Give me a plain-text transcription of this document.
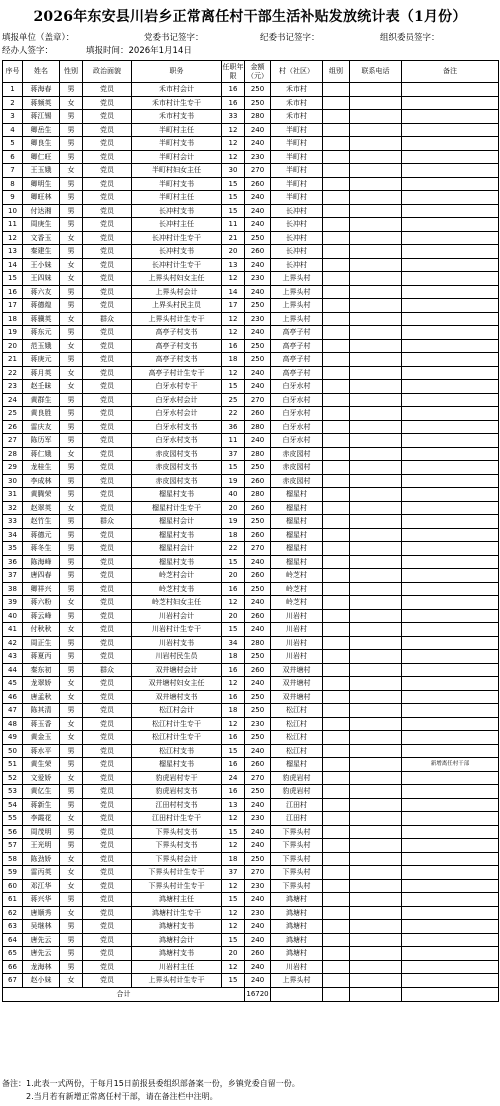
2026年东安县川岩乡正常离任村干部生活补贴发放统计表（1月份）
填报单位（盖章）：	党委书记签字：	纪委书记签字：	组织委员签字：
经办人签字：	填报时间：2026年1月14日
序号	姓名	性别	政治面貌	职务	任职年限	金额（元）	村（社区）	组别	联系电话	备注
1	蒋海春	男	党员	禾市村会计	16	250	禾市村			
2	蒋频英	女	党员	禾市村计生专干	16	250	禾市村			
3	蒋江锡	男	党员	禾市村支书	33	280	禾市村			
4	卿岳生	男	党员	半町村主任	12	240	半町村			
5	卿良生	男	党员	半町村支书	12	240	半町村			
6	卿仁旺	男	党员	半町村会计	12	230	半町村			
7	王玉娥	女	党员	半町村妇女主任	30	270	半町村			
8	卿明生	男	党员	半町村支书	15	260	半町村			
9	卿旺林	男	党员	半町村主任	15	240	半町村			
10	付达湘	男	党员	长冲村支书	15	240	长冲村			
11	周庚生	男	党员	长冲村主任	11	240	长冲村			
12	文香玉	女	党员	长冲村计生专干	21	250	长冲村			
13	秦建生	男	党员	长冲村支书	20	260	长冲村			
14	王小妹	女	党员	长冲村计生专干	13	240	长冲村			
15	王四妹	女	党员	上界头村妇女主任	12	230	上界头村			
16	蒋六友	男	党员	上界头村会计	14	240	上界头村			
17	蒋德煌	男	党员	上界头村民主员	17	250	上界头村			
18	蒋骥英	女	群众	上界头村计生专干	12	230	上界头村			
19	蒋东元	男	党员	高亭子村支书	12	240	高亭子村			
20	范玉娥	女	党员	高亭子村支书	16	250	高亭子村			
21	蒋庚元	男	党员	高亭子村支书	18	250	高亭子村			
22	蒋月英	女	党员	高亭子村计生专干	12	240	高亭子村			
23	赵壬昧	女	党员	白牙水村专干	15	240	白牙水村			
24	黄群生	男	党员	白牙水村会计	25	270	白牙水村			
25	黄良胜	男	党员	白牙水村会计	22	260	白牙水村			
26	雷庆友	男	党员	白牙水村支书	36	280	白牙水村			
27	陈历军	男	党员	白牙水村支书	11	240	白牙水村			
28	蒋仁娥	女	党员	赤皮园村支书	37	280	赤皮园村			
29	龙桂生	男	党员	赤皮园村支书	15	250	赤皮园村			
30	李成林	男	党员	赤皮园村支书	19	260	赤皮园村			
31	黄腾荣	男	党员	榴星村支书	40	280	榴星村			
32	赵翠英	女	党员	榴星村计生专干	20	260	榴星村			
33	赵竹生	男	群众	榴星村会计	19	250	榴星村			
34	蒋德元	男	党员	榴星村支书	18	260	榴星村			
35	蒋冬生	男	党员	榴星村会计	22	270	榴星村			
36	陈海峰	男	党员	榴星村支书	15	240	榴星村			
37	唐四春	男	党员	岭芝村会计	20	260	岭芝村			
38	卿祥兴	男	党员	岭芝村支书	16	250	岭芝村			
39	蒋六粉	女	党员	岭芝村妇女主任	12	240	岭芝村			
40	蒋云峰	男	党员	川岩村会计	20	260	川岩村			
41	付秋秋	女	党员	川岩村计生专干	15	240	川岩村			
42	周正生	男	党员	川岩村支书	34	280	川岩村			
43	蒋夏丙	男	党员	川岩村民生员	18	250	川岩村			
44	秦东初	男	群众	双井塘村会计	16	260	双井塘村			
45	龙翠娇	女	党员	双井塘村妇女主任	12	240	双井塘村			
46	唐孟秋	女	党员	双井塘村支书	16	250	双井塘村			
47	陈其清	男	党员	松江村会计	18	250	松江村			
48	蒋玉香	女	党员	松江村计生专干	12	230	松江村			
49	黄金玉	女	党员	松江村计生专干	16	250	松江村			
50	蒋水平	男	党员	松江村支书	15	240	松江村			
51	黄生荣	男	党员	榴星村支书	16	260	榴星村			新增离任村干部
52	文爱娇	女	党员	豹虎岩村专干	24	270	豹虎岩村			
53	黄亿生	男	党员	豹虎岩村支书	16	250	豹虎岩村			
54	蒋新生	男	党员	江田村村支书	13	240	江田村			
55	李霞花	女	党员	江田村计生专干	12	230	江田村			
56	周茂明	男	党员	下界头村支书	15	240	下界头村			
57	王光明	男	党员	下界头村支书	12	240	下界头村			
58	陈劲娇	女	党员	下界头村会计	18	250	下界头村			
59	雷丙英	女	党员	下界头村计生专干	37	270	下界头村			
60	邓江华	女	党员	下界头村计生专干	12	230	下界头村			
61	蒋兴华	男	党员	鸿塘村主任	15	240	鸿塘村			
62	唐顺秀	女	党员	鸿塘村计生专干	12	230	鸿塘村			
63	吴继林	男	党员	鸿塘村支书	12	240	鸿塘村			
64	唐先云	男	党员	鸿塘村会计	15	240	鸿塘村			
65	唐先云	男	党员	鸿塘村支书	20	260	鸿塘村			
66	龙海林	男	党员	川岩村主任	12	240	川岩村			
67	赵小妹	女	党员	上界头村计生专干	15	240	上界头村			
合计						16720				
备注：1.此表一式两份，于每月15日前报县委组织部备案一份，乡镇党委自留一份。
　　　2.当月若有新增正常离任村干部，请在备注栏中注明。
